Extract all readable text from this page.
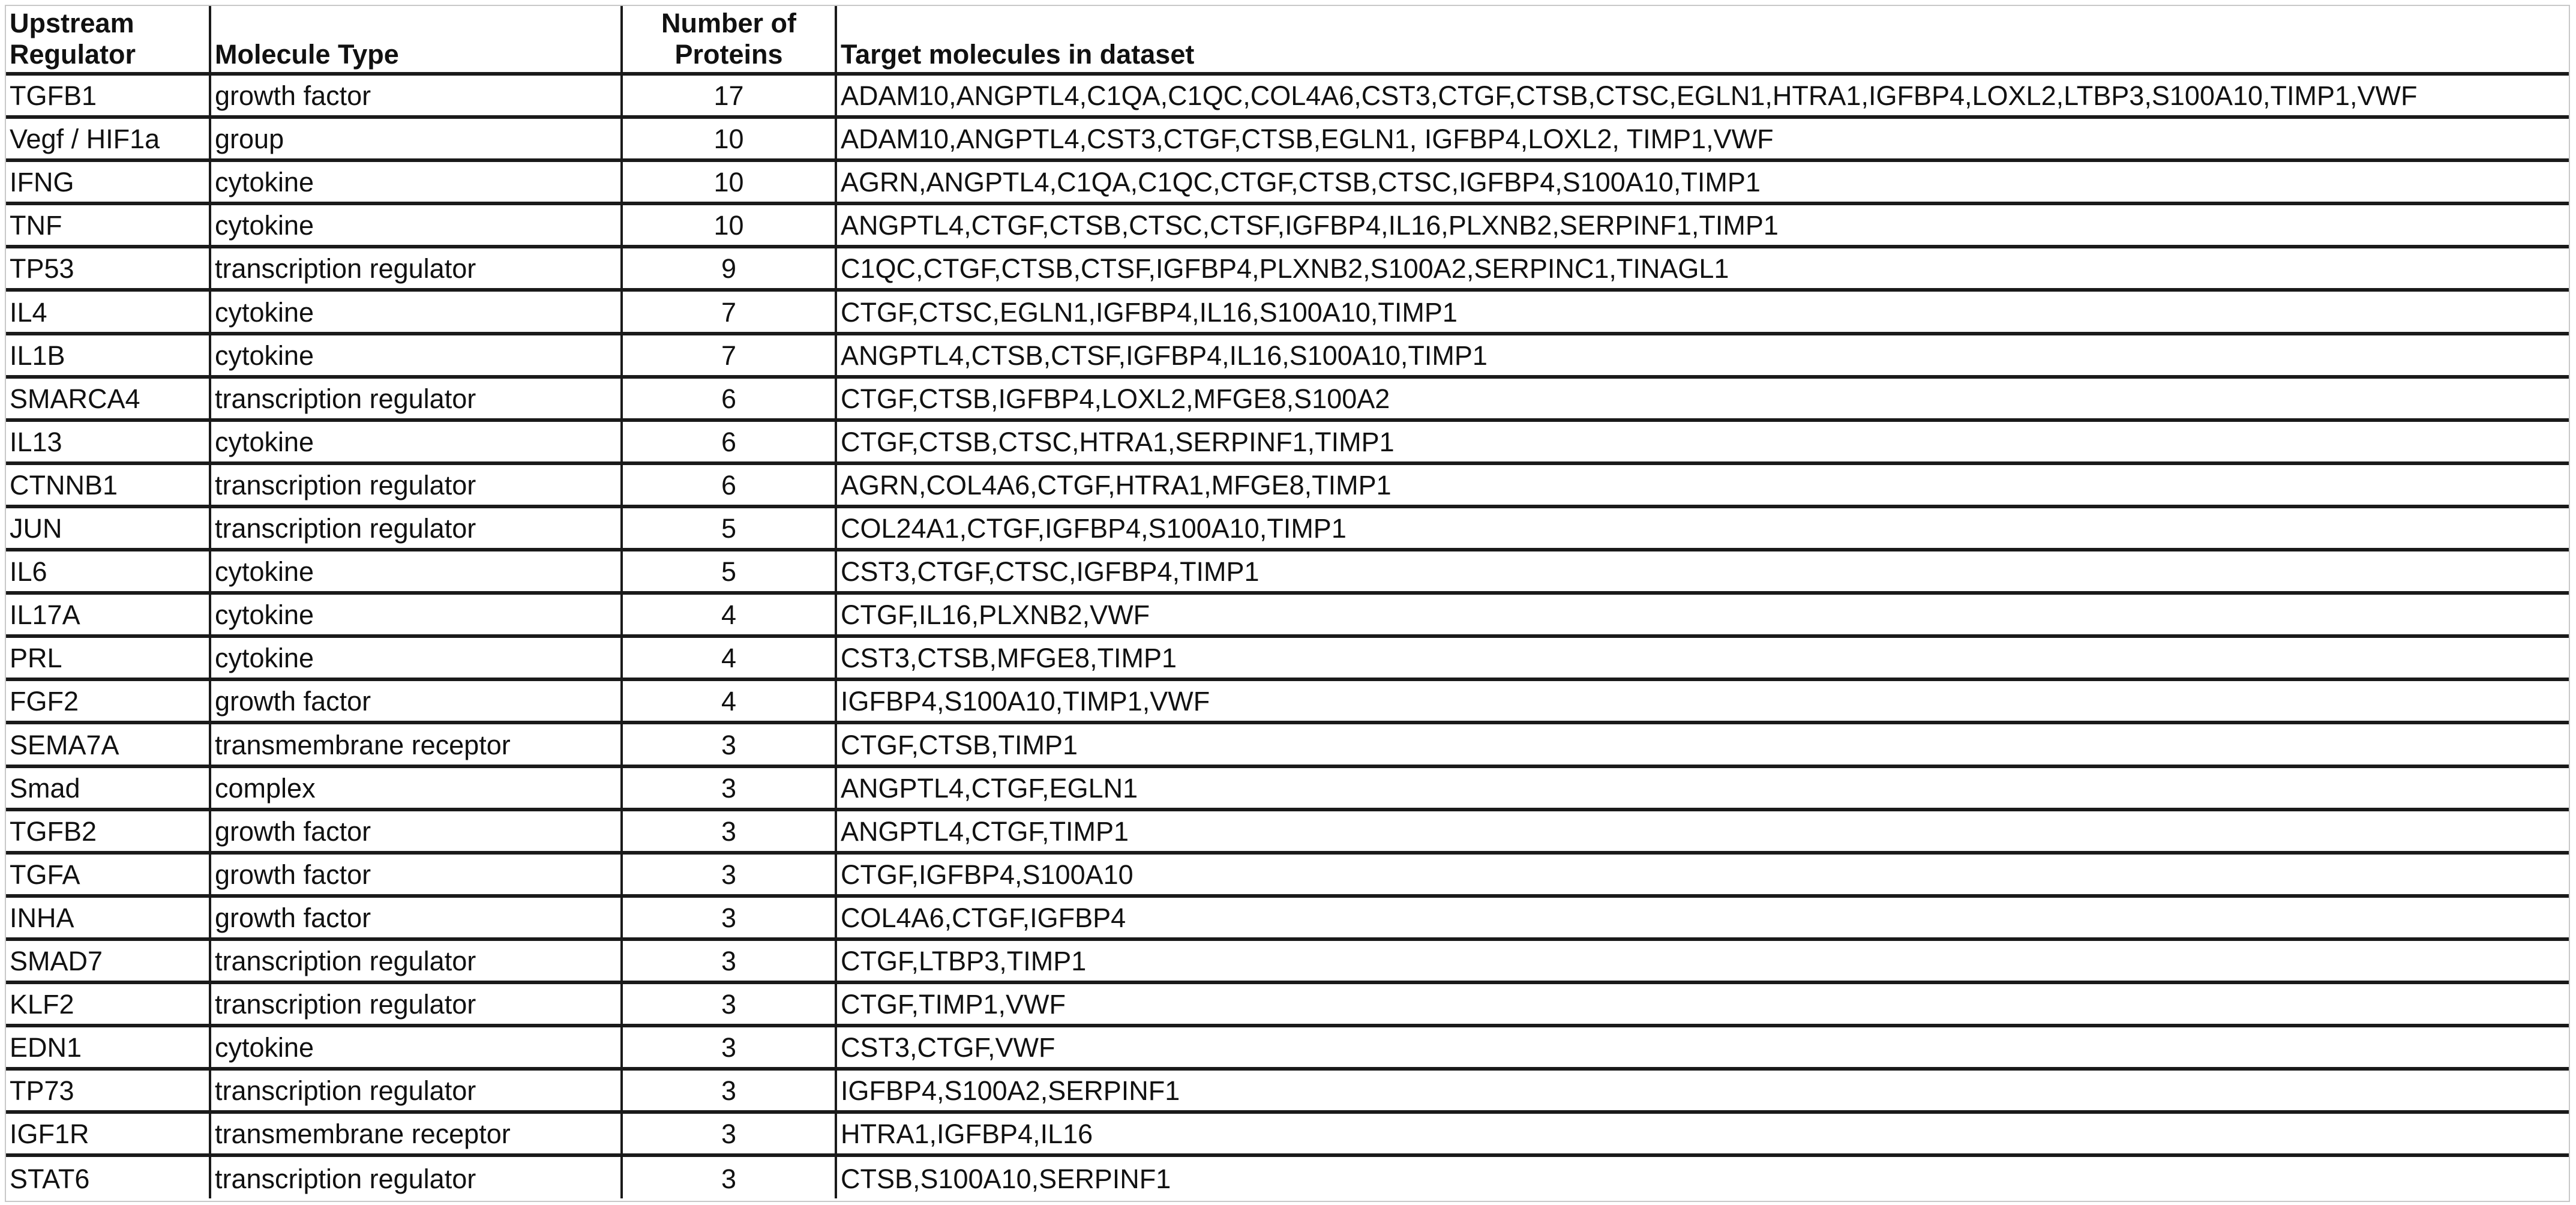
Upstream Regulator	Molecule Type	Number of Proteins	Target molecules in dataset
TGFB1	growth factor	17	ADAM10,ANGPTL4,C1QA,C1QC,COL4A6,CST3,CTGF,CTSB,CTSC,EGLN1,HTRA1,IGFBP4,LOXL2,LTBP3,S100A10,TIMP1,VWF
Vegf / HIF1a	group	10	ADAM10,ANGPTL4,CST3,CTGF,CTSB,EGLN1, IGFBP4,LOXL2, TIMP1,VWF
IFNG	cytokine	10	AGRN,ANGPTL4,C1QA,C1QC,CTGF,CTSB,CTSC,IGFBP4,S100A10,TIMP1
TNF	cytokine	10	ANGPTL4,CTGF,CTSB,CTSC,CTSF,IGFBP4,IL16,PLXNB2,SERPINF1,TIMP1
TP53	transcription regulator	9	C1QC,CTGF,CTSB,CTSF,IGFBP4,PLXNB2,S100A2,SERPINC1,TINAGL1
IL4	cytokine	7	CTGF,CTSC,EGLN1,IGFBP4,IL16,S100A10,TIMP1
IL1B	cytokine	7	ANGPTL4,CTSB,CTSF,IGFBP4,IL16,S100A10,TIMP1
SMARCA4	transcription regulator	6	CTGF,CTSB,IGFBP4,LOXL2,MFGE8,S100A2
IL13	cytokine	6	CTGF,CTSB,CTSC,HTRA1,SERPINF1,TIMP1
CTNNB1	transcription regulator	6	AGRN,COL4A6,CTGF,HTRA1,MFGE8,TIMP1
JUN	transcription regulator	5	COL24A1,CTGF,IGFBP4,S100A10,TIMP1
IL6	cytokine	5	CST3,CTGF,CTSC,IGFBP4,TIMP1
IL17A	cytokine	4	CTGF,IL16,PLXNB2,VWF
PRL	cytokine	4	CST3,CTSB,MFGE8,TIMP1
FGF2	growth factor	4	IGFBP4,S100A10,TIMP1,VWF
SEMA7A	transmembrane receptor	3	CTGF,CTSB,TIMP1
Smad	complex	3	ANGPTL4,CTGF,EGLN1
TGFB2	growth factor	3	ANGPTL4,CTGF,TIMP1
TGFA	growth factor	3	CTGF,IGFBP4,S100A10
INHA	growth factor	3	COL4A6,CTGF,IGFBP4
SMAD7	transcription regulator	3	CTGF,LTBP3,TIMP1
KLF2	transcription regulator	3	CTGF,TIMP1,VWF
EDN1	cytokine	3	CST3,CTGF,VWF
TP73	transcription regulator	3	IGFBP4,S100A2,SERPINF1
IGF1R	transmembrane receptor	3	HTRA1,IGFBP4,IL16
STAT6	transcription regulator	3	CTSB,S100A10,SERPINF1
